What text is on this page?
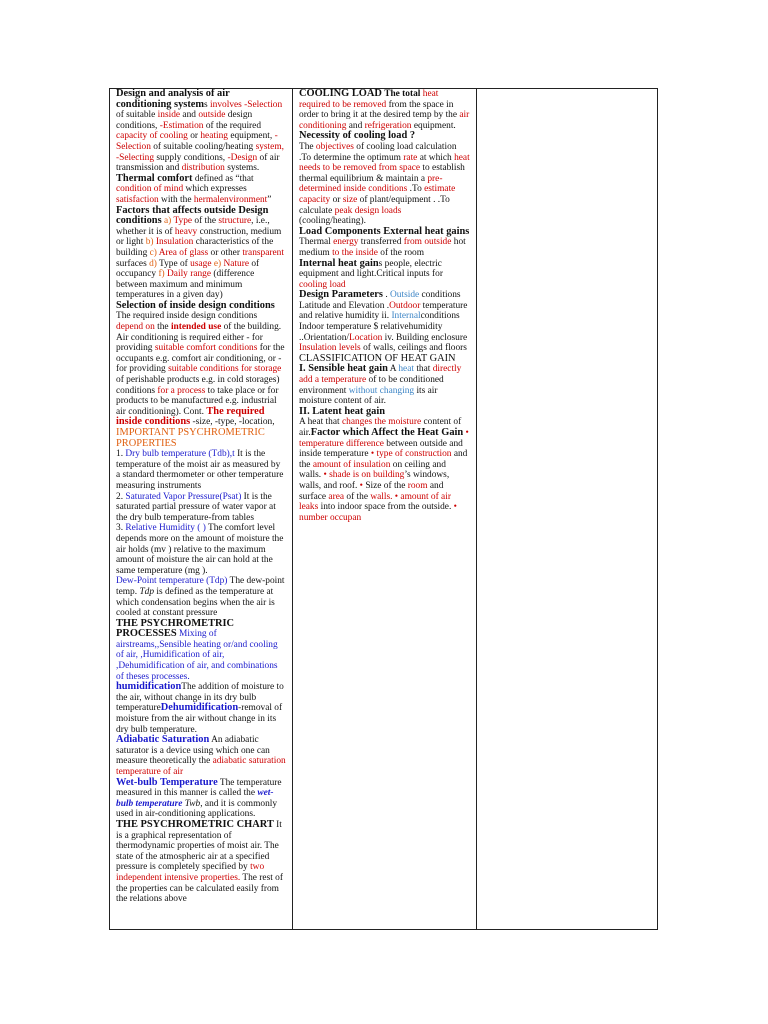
Design and analysis of air conditioning systems involves -Selection of suitable inside and outside design conditions, -Estimation of the required capacity of cooling or heating equipment, -Selection of suitable cooling/heating system, -Selecting supply conditions, -Design of air transmission and distribution systems. Thermal comfort defined as “that condition of mind which expresses satisfaction with the hermalenvironment”

Factors that affects outside Design conditions a) Type of the structure, i.e., whether it is of heavy construction, medium or light b) Insulation characteristics of the building c) Area of glass or other transparent surfaces d) Type of usage e) Nature of occupancy f) Daily range (difference between maximum and minimum temperatures in a given day)

Selection of inside design conditions The required inside design conditions depend on the intended use of the building. Air conditioning is required either - for providing suitable comfort conditions for the occupants e.g. comfort air conditioning, or - for providing suitable conditions for storage of perishable products e.g. in cold storages) conditions for a process to take place or for products to be manufactured e.g. industrial air conditioning). Cont. The required inside conditions -size, -type, -location,

IMPORTANT PSYCHROMETRIC PROPERTIES

1. Dry bulb temperature (Tdb),t It is the temperature of the moist air as measured by a standard thermometer or other temperature measuring instruments

2. Saturated Vapor Pressure(Psat) It is the saturated partial pressure of water vapor at the dry bulb temperature-from tables

3. Relative Humidity ( ) The comfort level depends more on the amount of moisture the air holds (mv ) relative to the maximum amount of moisture the air can hold at the same temperature (mg ).

Dew-Point temperature (Tdp) The dew-point temp. Tdp is defined as the temperature at which condensation begins when the air is cooled at constant pressure

THE PSYCHROMETRIC PROCESSES Mixing of airstreams,,Sensible heating or/and cooling of air, ,Humidification of air, ,Dehumidification of air, and combinations of theses processes.

humidificationThe addition of moisture to the air, without change in its dry bulb temperatureDehumidification-removal of moisture from the air without change in its dry bulb temperature.

Adiabatic Saturation An adiabatic saturator is a device using which one can measure theoretically the adiabatic saturation temperature of air

Wet-bulb Temperature The temperature measured in this manner is called the wet-bulb temperature Twb, and it is commonly used in air-conditioning applications.

THE PSYCHROMETRIC CHART It is a graphical representation of thermodynamic properties of moist air. The state of the atmospheric air at a specified pressure is completely specified by two independent intensive properties. The rest of the properties can be calculated easily from the relations above

COOLING LOAD The total heat required to be removed from the space in order to bring it at the desired temp by the air conditioning and refrigeration equipment.

Necessity of cooling load ?

The objectives of cooling load calculation .To determine the optimum rate at which heat needs to be removed from space to establish thermal equilibrium & maintain a pre-determined inside conditions .To estimate capacity or size of plant/equipment . .To calculate peak design loads (cooling/heating).

Load Components External heat gains Thermal energy transferred from outside hot medium to the inside of the room

Internal heat gains people, electric equipment and light.Critical inputs for cooling load

Design Parameters . Outside conditions Latitude and Elevation .Outdoor temperature and relative humidity ii. Internalconditions Indoor temperature $ relativehumidity ..Orientation/Location iv. Building enclosure Insulation levels of walls, ceilings and floors

CLASSIFICATION OF HEAT GAIN

I. Sensible heat gain A heat that directly add a temperature of to be conditioned environment without changing its air moisture content of air.

II. Latent heat gain

A heat that changes the moisture content of air.Factor which Affect the Heat Gain • temperature difference between outside and inside temperature • type of construction and the amount of insulation on ceiling and walls. • shade is on building’s windows, walls, and roof. • Size of the room and surface area of the walls. • amount of air leaks into indoor space from the outside. • number occupan
